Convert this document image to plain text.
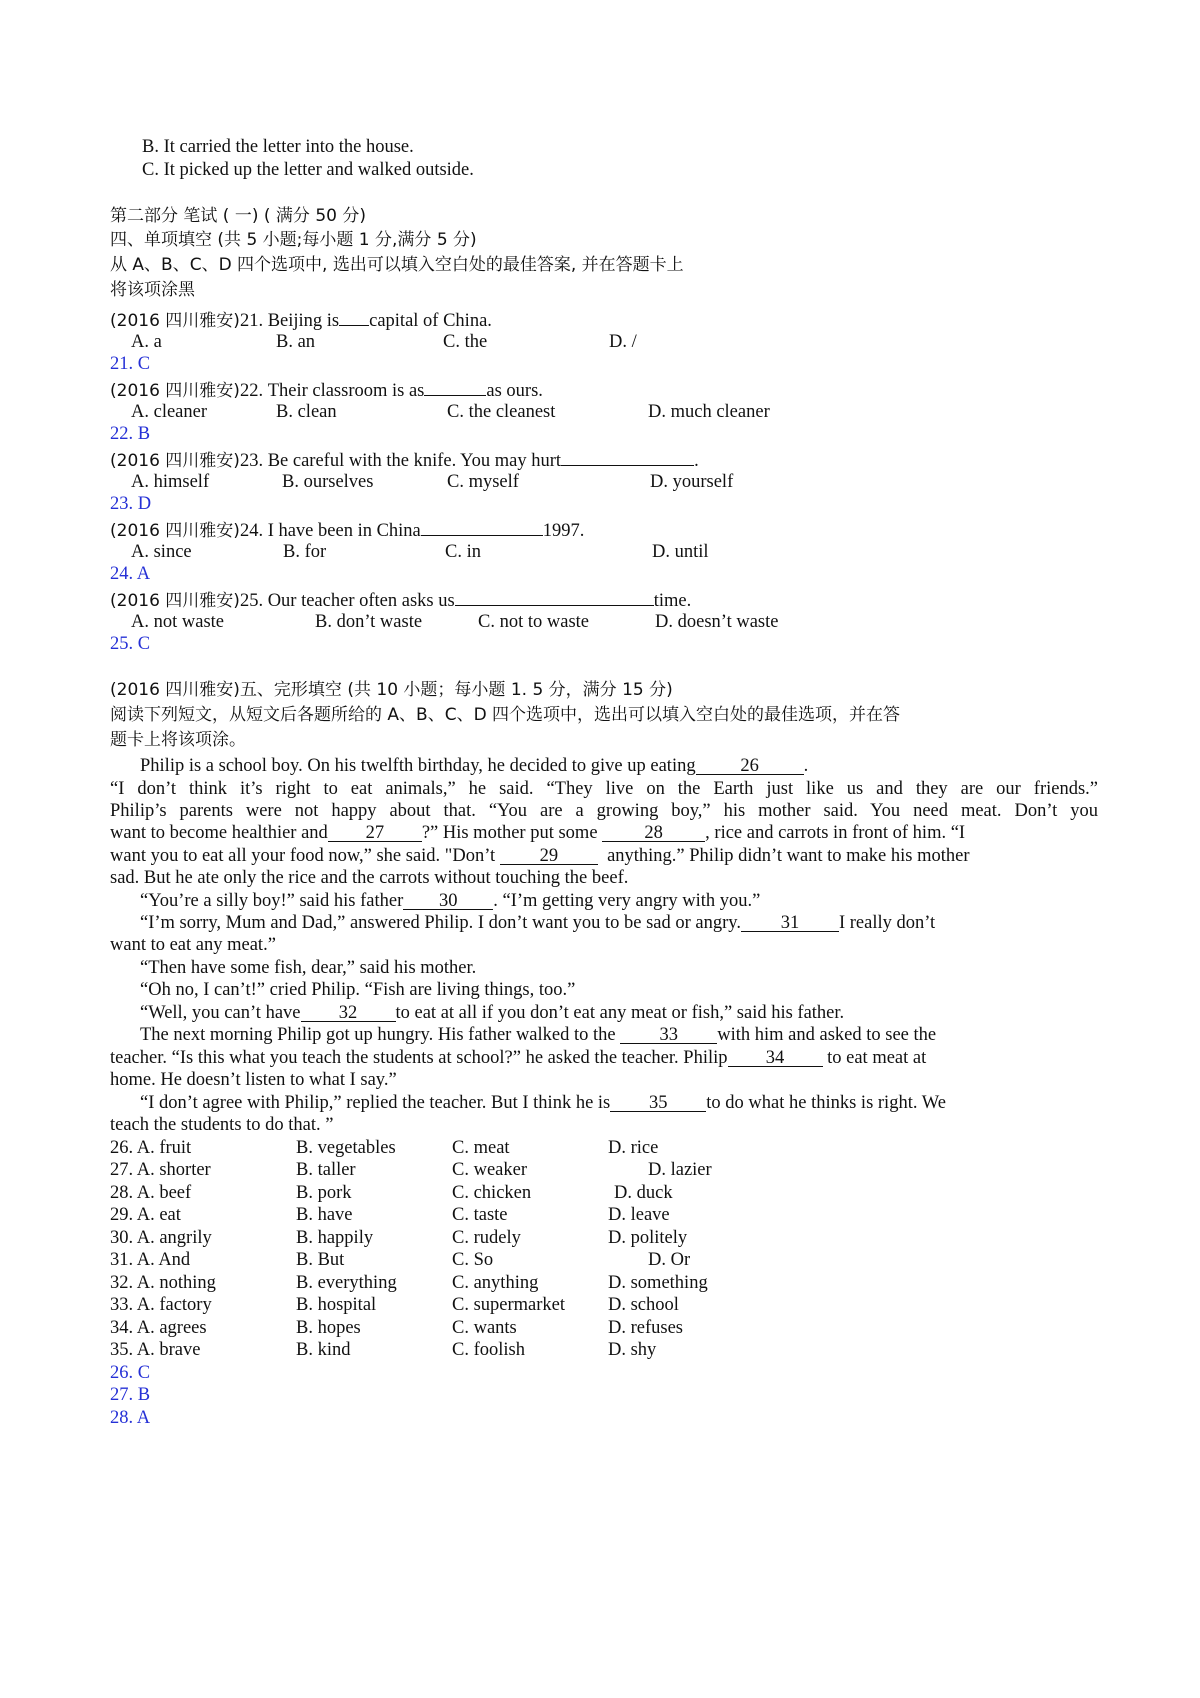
B. It carried the letter into the house.
C. It picked up the letter and walked outside.
第二部分 笔试 ( 一) ( 满分 50 分)
四、单项填空 (共 5 小题;每小题 1 分,满分 5 分)
从 A、B、C、D 四个选项中, 选出可以填入空白处的最佳答案, 并在答题卡上
将该项涂黑
(2016 四川雅安)21. Beijing is capital of China.
A. a	B. an	C. the	D. /
21. C
(2016 四川雅安)22. Their classroom is as	as ours.
A. cleaner	B. clean	C. the cleanest	D. much cleaner
22. B
(2016 四川雅安)23. Be careful with the knife. You may hurt	.
A. himself	B. ourselves	C. myself	D. yourself
23. D
(2016 四川雅安)24. I have been in China	1997.
A. since	B. for	C. in	D. until
24. A
(2016 四川雅安)25. Our teacher often asks us	time.
A. not waste	B. don’t waste	C. not to waste	D. doesn’t waste
25. C
(2016 四川雅安)五、完形填空 (共 10 小题；每小题 1. 5 分，满分 15 分)
阅读下列短文，从短文后各题所给的 A、B、C、D 四个选项中，选出可以填入空白处的最佳选项，并在答
题卡上将该项涂。
Philip is a school boy. On his twelfth birthday, he decided to give up eating 26 .
“I don’t think it’s right to eat animals,” he said. “They live on the Earth just like us and they are our friends.”
Philip’s parents were not happy about that. “You are a growing boy,” his mother said. You need meat. Don’t you
want to become healthier and 27 ?” His mother put some	28 , rice and carrots in front of him. “I
want you to eat all your food now,” she said. "Don’t 29	anything.” Philip didn’t want to make his mother
sad. But he ate only the rice and the carrots without touching the beef.
“You’re a silly boy!” said his father 30 . “I’m getting very angry with you.”
“I’m sorry, Mum and Dad,” answered Philip. I don’t want you to be sad or angry. 31 I really don’t
want to eat any meat.”
“Then have some fish, dear,” said his mother.
“Oh no, I can’t!” cried Philip. “Fish are living things, too.”
“Well, you can’t have 32 to eat at all if you don’t eat any meat or fish,” said his father.
The next morning Philip got up hungry. His father walked to the 33 with him and asked to see the
teacher. “Is this what you teach the students at school?” he asked the teacher. Philip 34 to eat meat at
home. He doesn’t listen to what I say.”
“I don’t agree with Philip,” replied the teacher. But I think he is 35 to do what he thinks is right. We
teach the students to do that. ”
26. A. fruit	B. vegetables	C. meat	D. rice
27. A. shorter	B. taller	C. weaker	D. lazier
28. A. beef	B. pork	C. chicken	D. duck
29. A. eat	B. have	C. taste	D. leave
30. A. angrily	B. happily	C. rudely	D. politely
31. A. And	B. But	C. So	D. Or
32. A. nothing	B. everything	C. anything	D. something
33. A. factory	B. hospital	C. supermarket D. school
34. A. agrees	B. hopes	C. wants	D. refuses
35. A. brave	B. kind	C. foolish	D. shy
26. C
27. B
28. A
